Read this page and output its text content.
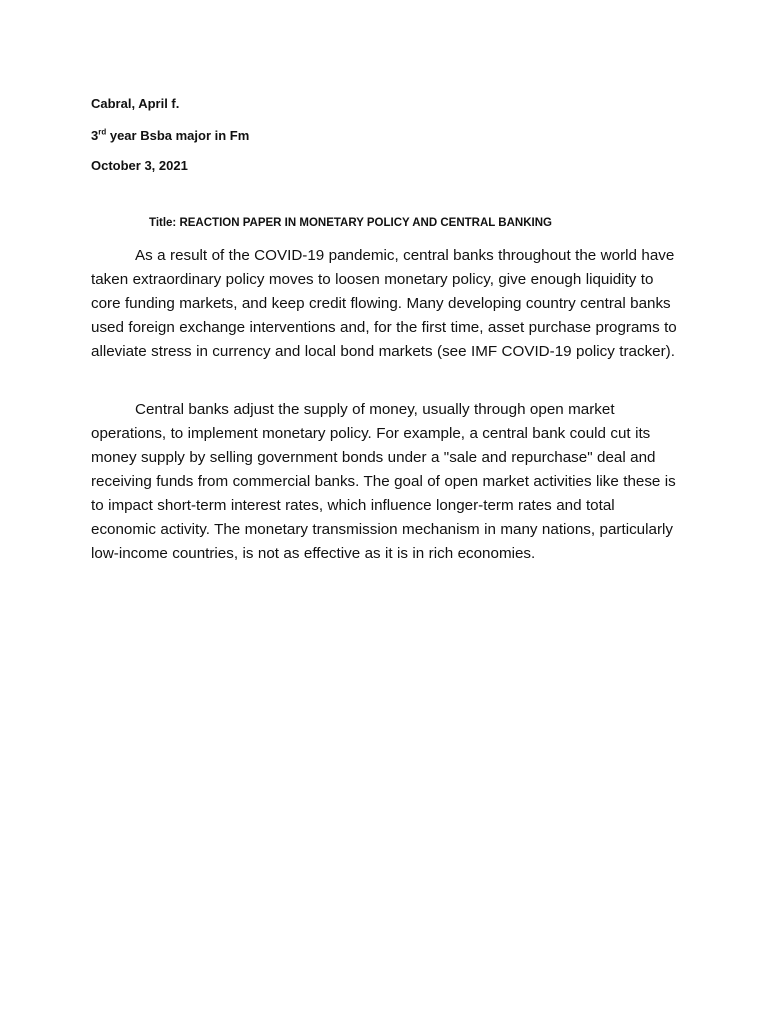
Cabral, April f.
3rd year Bsba major in Fm
October 3, 2021
Title: REACTION PAPER IN MONETARY POLICY AND CENTRAL BANKING

As a result of the COVID-19 pandemic, central banks throughout the world have taken extraordinary policy moves to loosen monetary policy, give enough liquidity to core funding markets, and keep credit flowing. Many developing country central banks used foreign exchange interventions and, for the first time, asset purchase programs to alleviate stress in currency and local bond markets (see IMF COVID-19 policy tracker).

Central banks adjust the supply of money, usually through open market operations, to implement monetary policy. For example, a central bank could cut its money supply by selling government bonds under a "sale and repurchase" deal and receiving funds from commercial banks. The goal of open market activities like these is to impact short-term interest rates, which influence longer-term rates and total economic activity. The monetary transmission mechanism in many nations, particularly low-income countries, is not as effective as it is in rich economies.
